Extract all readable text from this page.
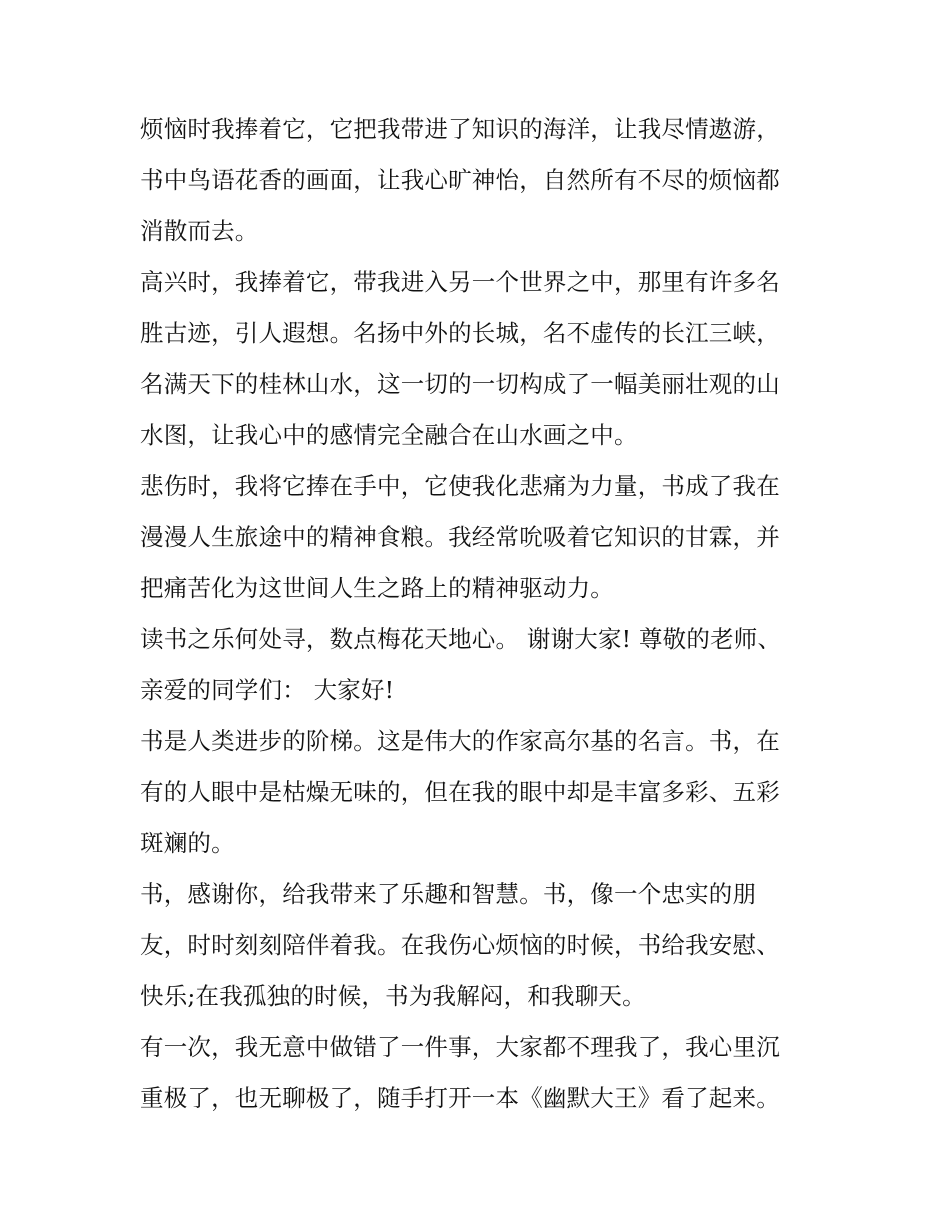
烦恼时我捧着它，它把我带进了知识的海洋，让我尽情遨游，
书中鸟语花香的画面，让我心旷神怡，自然所有不尽的烦恼都
消散而去。
高兴时，我捧着它，带我进入另一个世界之中，那里有许多名
胜古迹，引人遐想。名扬中外的长城，名不虚传的长江三峡，
名满天下的桂林山水，这一切的一切构成了一幅美丽壮观的山
水图，让我心中的感情完全融合在山水画之中。
悲伤时，我将它捧在手中，它使我化悲痛为力量，书成了我在
漫漫人生旅途中的精神食粮。我经常吮吸着它知识的甘霖，并
把痛苦化为这世间人生之路上的精神驱动力。
读书之乐何处寻，数点梅花天地心。 谢谢大家! 尊敬的老师、
亲爱的同学们： 大家好!
书是人类进步的阶梯。这是伟大的作家高尔基的名言。书，在
有的人眼中是枯燥无味的，但在我的眼中却是丰富多彩、五彩
斑斓的。
书，感谢你，给我带来了乐趣和智慧。书，像一个忠实的朋
友，时时刻刻陪伴着我。在我伤心烦恼的时候，书给我安慰、
快乐;在我孤独的时候，书为我解闷，和我聊天。
有一次，我无意中做错了一件事，大家都不理我了，我心里沉
重极了，也无聊极了，随手打开一本《幽默大王》看了起来。
